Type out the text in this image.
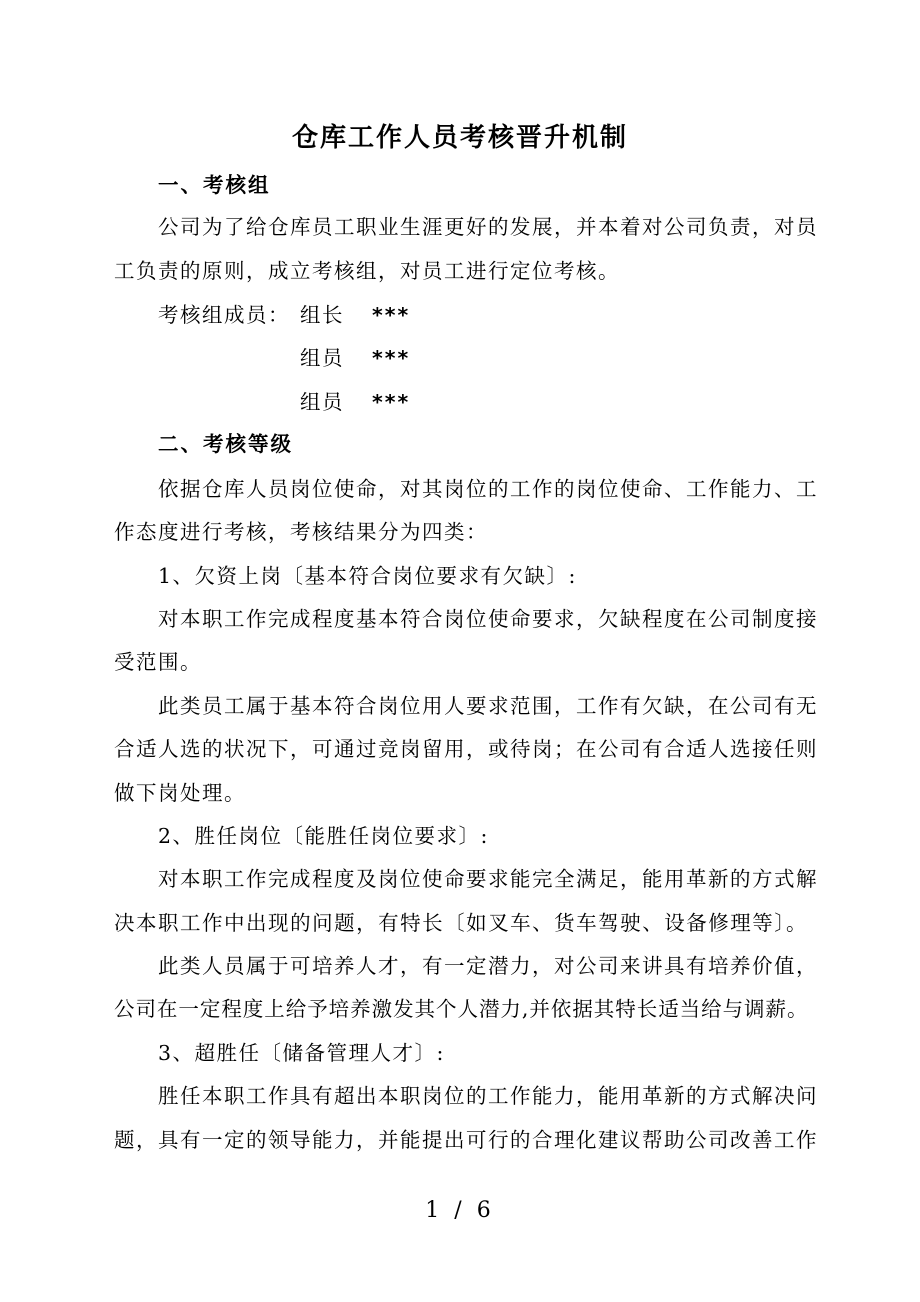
仓库工作人员考核晋升机制

一、考核组

公司为了给仓库员工职业生涯更好的发展，并本着对公司负责，对员

工负责的原则，成立考核组，对员工进行定位考核。

考核组成员： 组长 ***

组员 ***

组员 ***

二、考核等级

依据仓库人员岗位使命，对其岗位的工作的岗位使命、工作能力、工

作态度进行考核，考核结果分为四类：

1、欠资上岗〔基本符合岗位要求有欠缺〕:

对本职工作完成程度基本符合岗位使命要求，欠缺程度在公司制度接

受范围。

此类员工属于基本符合岗位用人要求范围，工作有欠缺，在公司有无

合适人选的状况下，可通过竞岗留用，或待岗；在公司有合适人选接任则

做下岗处理。

2、胜任岗位〔能胜任岗位要求〕:

对本职工作完成程度及岗位使命要求能完全满足，能用革新的方式解

决本职工作中出现的问题，有特长〔如叉车、货车驾驶、设备修理等〕。

此类人员属于可培养人才，有一定潜力，对公司来讲具有培养价值，

公司在一定程度上给予培养激发其个人潜力,并依据其特长适当给与调薪。

3、超胜任〔储备管理人才〕:

胜任本职工作具有超出本职岗位的工作能力，能用革新的方式解决问

题，具有一定的领导能力，并能提出可行的合理化建议帮助公司改善工作

1 / 6
